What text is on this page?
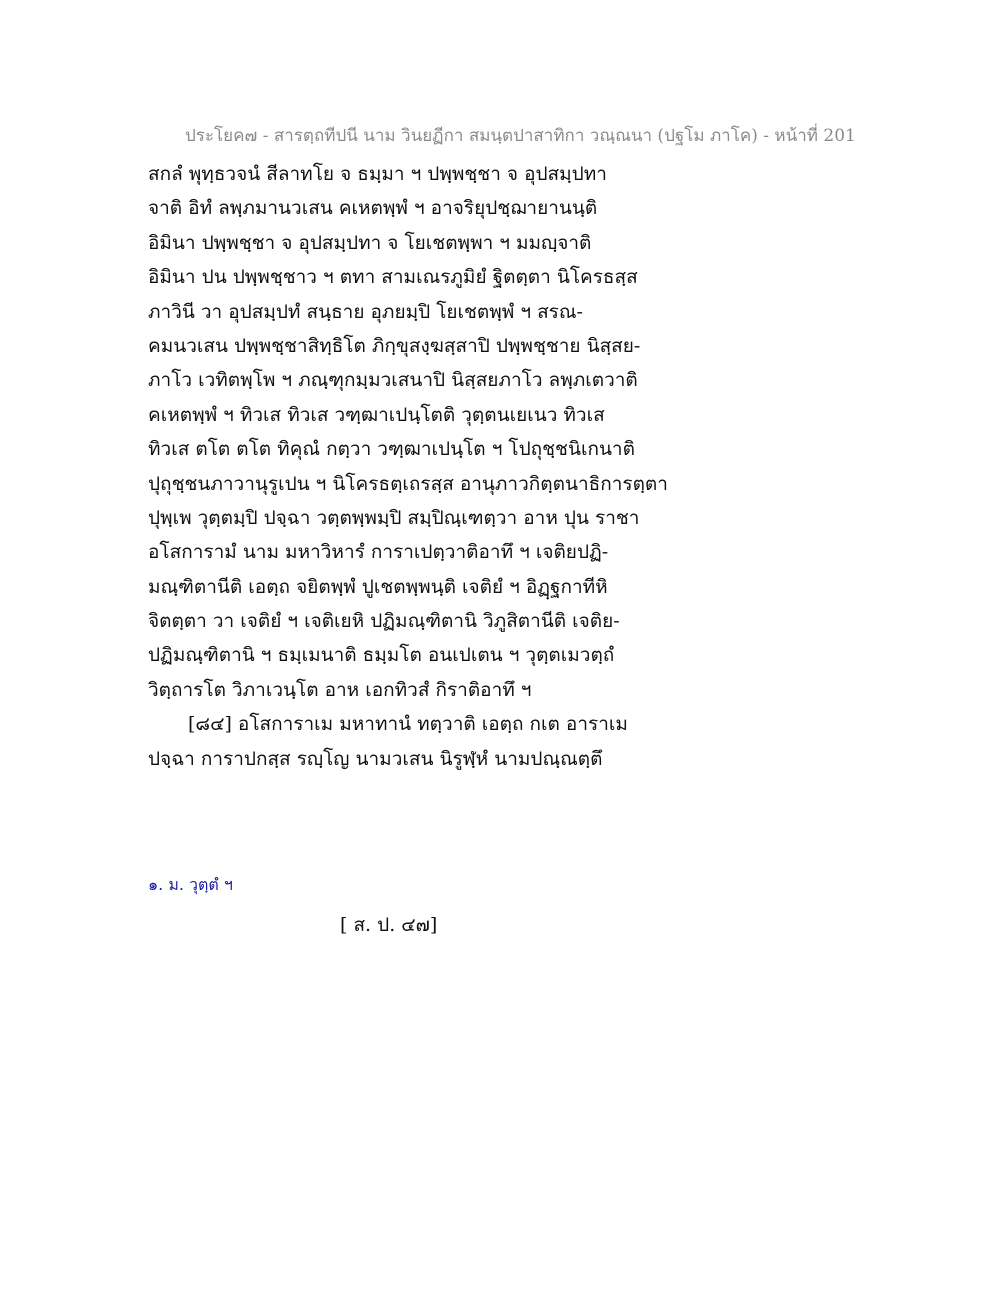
ประโยค๗ - สารตฺถทีปนี นาม วินยฏีกา สมนฺตปาสาทิกา วณฺณนา (ปฐโม ภาโค) - หน้าที่ 201
สกลํ พุทฺธวจนํ สีลาทโย จ ธมฺมา ฯ ปพฺพชฺชา จ อุปสมฺปทา
จาติ อิทํ ลพฺภมานวเสน คเหตพฺพํ ฯ อาจริยุปชฺฌายานนฺติ
อิมินา ปพฺพชฺชา จ อุปสมฺปทา จ โยเชตพฺพา ฯ มมญฺจาติ
อิมินา ปน ปพฺพชฺชาว ฯ ตทา สามเณรภูมิยํ ฐิตตฺตา นิโครธสฺส
ภาวินี วา อุปสมฺปทํ สนฺธาย อุภยมฺปิ โยเชตพฺพํ ฯ สรณ-
คมนวเสน ปพฺพชฺชาสิทฺธิโต ภิกฺขุสงฺฆสฺสาปิ ปพฺพชฺชาย นิสฺสย-
ภาโว เวทิตพฺโพ ฯ ภณฺฑุกมฺมวเสนาปิ นิสฺสยภาโว ลพฺภเตวาติ
คเหตพฺพํ ฯ ทิวเส ทิวเส วฑฺฒาเปนฺโตติ วุตฺตนเยเนว ทิวเส
ทิวเส ตโต ตโต ทิคุณํ กตฺวา วฑฺฒาเปนฺโต ฯ โปถุชฺชนิเกนาติ
ปุถุชฺชนภาวานุรูเปน ฯ นิโครธตฺเถรสฺส อานุภาวกิตฺตนาธิการตฺตา
ปุพฺเพ วุตฺตมฺปิ ปจฺฉา วตฺตพฺพมฺปิ สมฺปิณฺเฑตฺวา อาห ปุน ราชา
อโสการามํ นาม มหาวิหารํ การาเปตฺวาติอาทึ ฯ เจติยปฏิ-
มณฺฑิตานีติ เอตฺถ จยิตพฺพํ ปูเชตพฺพนฺติ เจติยํ ฯ อิฏฺฐกาทีหิ
จิตตฺตา วา เจติยํ ฯ เจติเยหิ ปฏิมณฺฑิตานิ วิภูสิตานีติ เจติย-
ปฏิมณฺฑิตานิ ฯ ธมฺเมนาติ ธมฺมโต อนเปเตน ฯ วุตฺตเมวตฺถํ
วิตฺถารโต วิภาเวนฺโต อาห เอกทิวสํ กิราติอาทึ ฯ
[๘๔] อโสการาเม มหาทานํ ทตฺวาติ เอตฺถ กเต อาราเม
ปจฺฉา การาปกสฺส รญฺโญ นามวเสน นิรูฬฺหํ นามปณฺณตฺตึ
๑. ม. วุตฺตํ ฯ
[ ส. ป. ๔๗]
